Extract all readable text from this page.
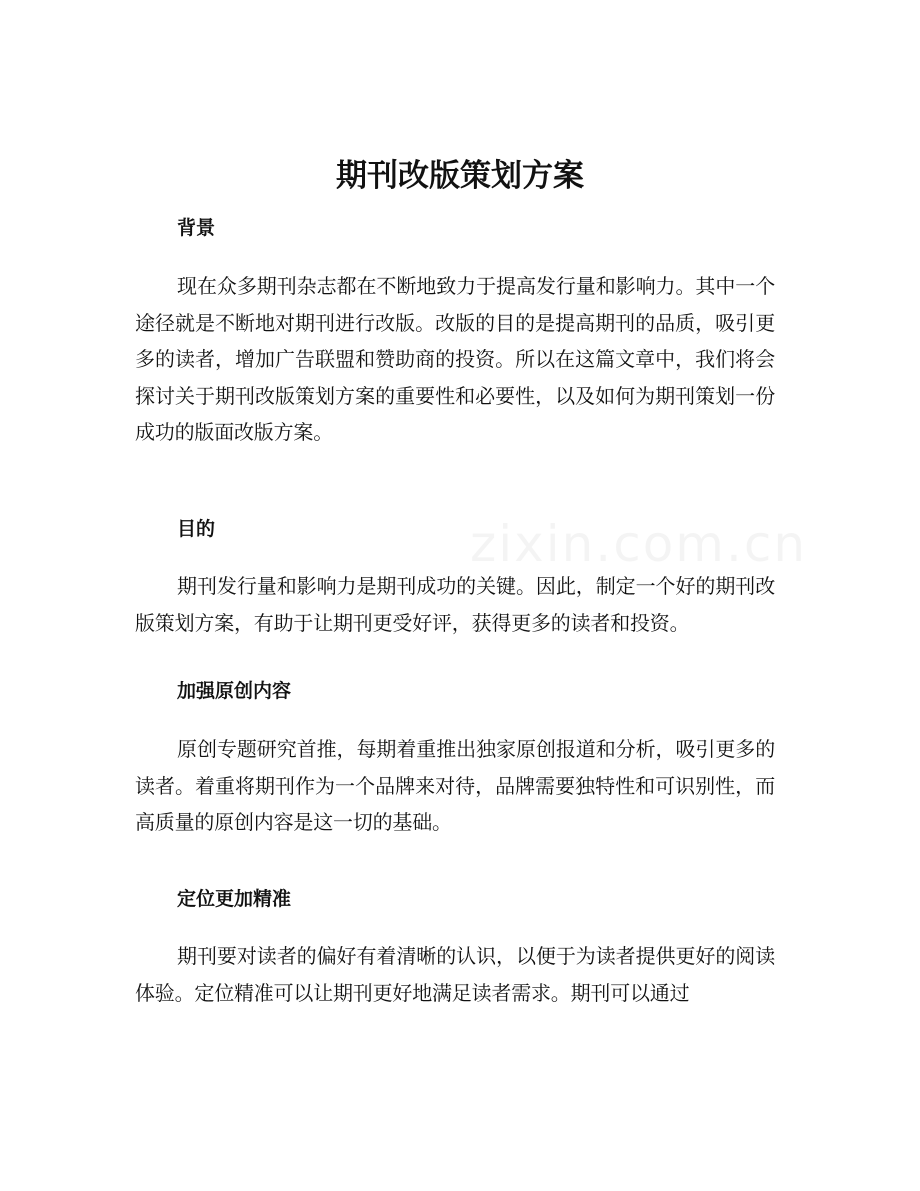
期刊改版策划方案
背景

现在众多期刊杂志都在不断地致力于提高发行量和影响力。其中一个途径就是不断地对期刊进行改版。改版的目的是提高期刊的品质，吸引更多的读者，增加广告联盟和赞助商的投资。所以在这篇文章中，我们将会探讨关于期刊改版策划方案的重要性和必要性，以及如何为期刊策划一份成功的版面改版方案。

目的

期刊发行量和影响力是期刊成功的关键。因此，制定一个好的期刊改版策划方案，有助于让期刊更受好评，获得更多的读者和投资。

加强原创内容

原创专题研究首推，每期着重推出独家原创报道和分析，吸引更多的读者。着重将期刊作为一个品牌来对待，品牌需要独特性和可识别性，而高质量的原创内容是这一切的基础。

定位更加精准

期刊要对读者的偏好有着清晰的认识，以便于为读者提供更好的阅读体验。定位精准可以让期刊更好地满足读者需求。期刊可以通过
